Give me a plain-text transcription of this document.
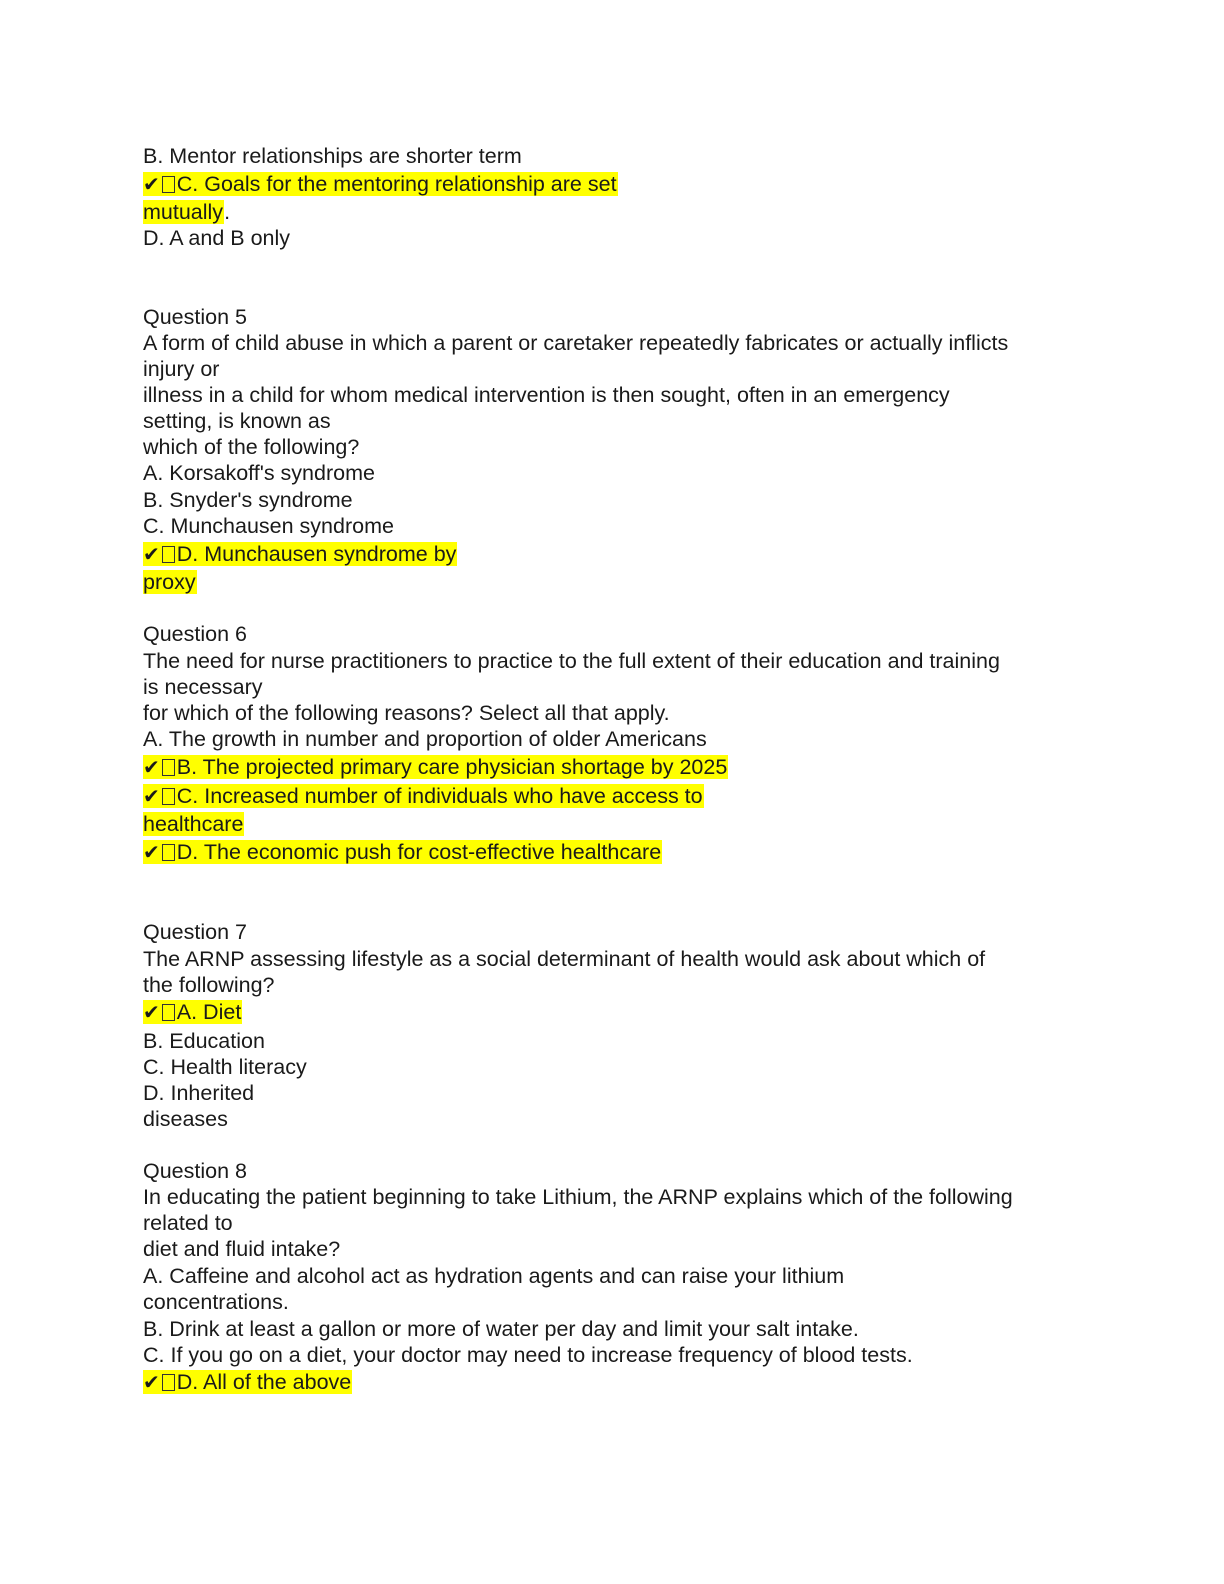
B. Mentor relationships are shorter term
✔ C. Goals for the mentoring relationship are set
mutually.
D. A and B only
Question 5
A form of child abuse in which a parent or caretaker repeatedly fabricates or actually inflicts
injury or
illness in a child for whom medical intervention is then sought, often in an emergency
setting, is known as
which of the following?
A. Korsakoff's syndrome
B. Snyder's syndrome
C. Munchausen syndrome
✔ D. Munchausen syndrome by
proxy
Question 6
The need for nurse practitioners to practice to the full extent of their education and training
is necessary
for which of the following reasons? Select all that apply.
A. The growth in number and proportion of older Americans
✔ B. The projected primary care physician shortage by 2025
✔ C. Increased number of individuals who have access to
healthcare
✔ D. The economic push for cost-effective healthcare
Question 7
The ARNP assessing lifestyle as a social determinant of health would ask about which of
the following?
✔ A. Diet
B. Education
C. Health literacy
D. Inherited
diseases
Question 8
In educating the patient beginning to take Lithium, the ARNP explains which of the following
related to
diet and fluid intake?
A. Caffeine and alcohol act as hydration agents and can raise your lithium
concentrations.
B. Drink at least a gallon or more of water per day and limit your salt intake.
C. If you go on a diet, your doctor may need to increase frequency of blood tests.
✔ D. All of the above
